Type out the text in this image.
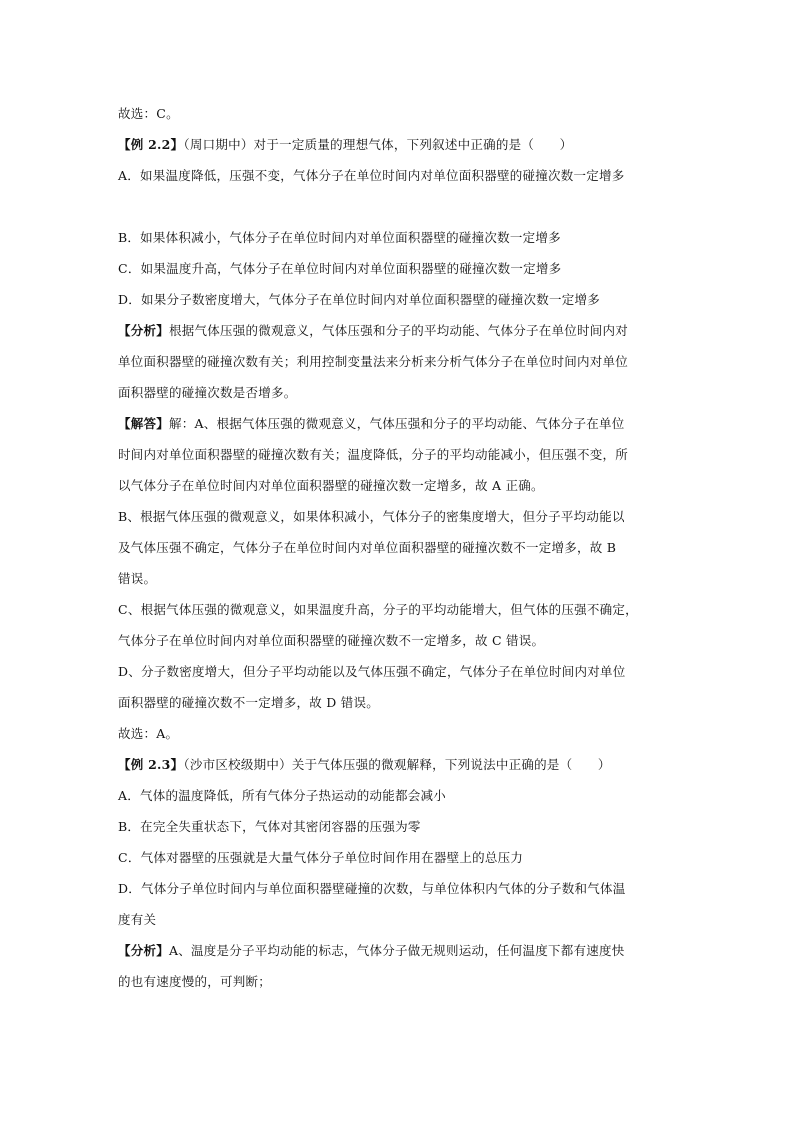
故选：C。
【例 2.2】（周口期中）对于一定质量的理想气体，下列叙述中正确的是（　　）
A．如果温度降低，压强不变，气体分子在单位时间内对单位面积器壁的碰撞次数一定增多
B．如果体积减小，气体分子在单位时间内对单位面积器壁的碰撞次数一定增多
C．如果温度升高，气体分子在单位时间内对单位面积器壁的碰撞次数一定增多
D．如果分子数密度增大，气体分子在单位时间内对单位面积器壁的碰撞次数一定增多
【分析】根据气体压强的微观意义，气体压强和分子的平均动能、气体分子在单位时间内对
单位面积器壁的碰撞次数有关；利用控制变量法来分析来分析气体分子在单位时间内对单位
面积器壁的碰撞次数是否增多。
【解答】解：A、根据气体压强的微观意义，气体压强和分子的平均动能、气体分子在单位
时间内对单位面积器壁的碰撞次数有关；温度降低，分子的平均动能减小，但压强不变，所
以气体分子在单位时间内对单位面积器壁的碰撞次数一定增多，故 A 正确。
B、根据气体压强的微观意义，如果体积减小，气体分子的密集度增大，但分子平均动能以
及气体压强不确定，气体分子在单位时间内对单位面积器壁的碰撞次数不一定增多，故 B
错误。
C、根据气体压强的微观意义，如果温度升高，分子的平均动能增大，但气体的压强不确定，
气体分子在单位时间内对单位面积器壁的碰撞次数不一定增多，故 C 错误。
D、分子数密度增大，但分子平均动能以及气体压强不确定，气体分子在单位时间内对单位
面积器壁的碰撞次数不一定增多，故 D 错误。
故选：A。
【例 2.3】（沙市区校级期中）关于气体压强的微观解释，下列说法中正确的是（　　）
A．气体的温度降低，所有气体分子热运动的动能都会减小
B．在完全失重状态下，气体对其密闭容器的压强为零
C．气体对器壁的压强就是大量气体分子单位时间作用在器壁上的总压力
D．气体分子单位时间内与单位面积器壁碰撞的次数，与单位体积内气体的分子数和气体温
度有关
【分析】A、温度是分子平均动能的标志，气体分子做无规则运动，任何温度下都有速度快
的也有速度慢的，可判断；
